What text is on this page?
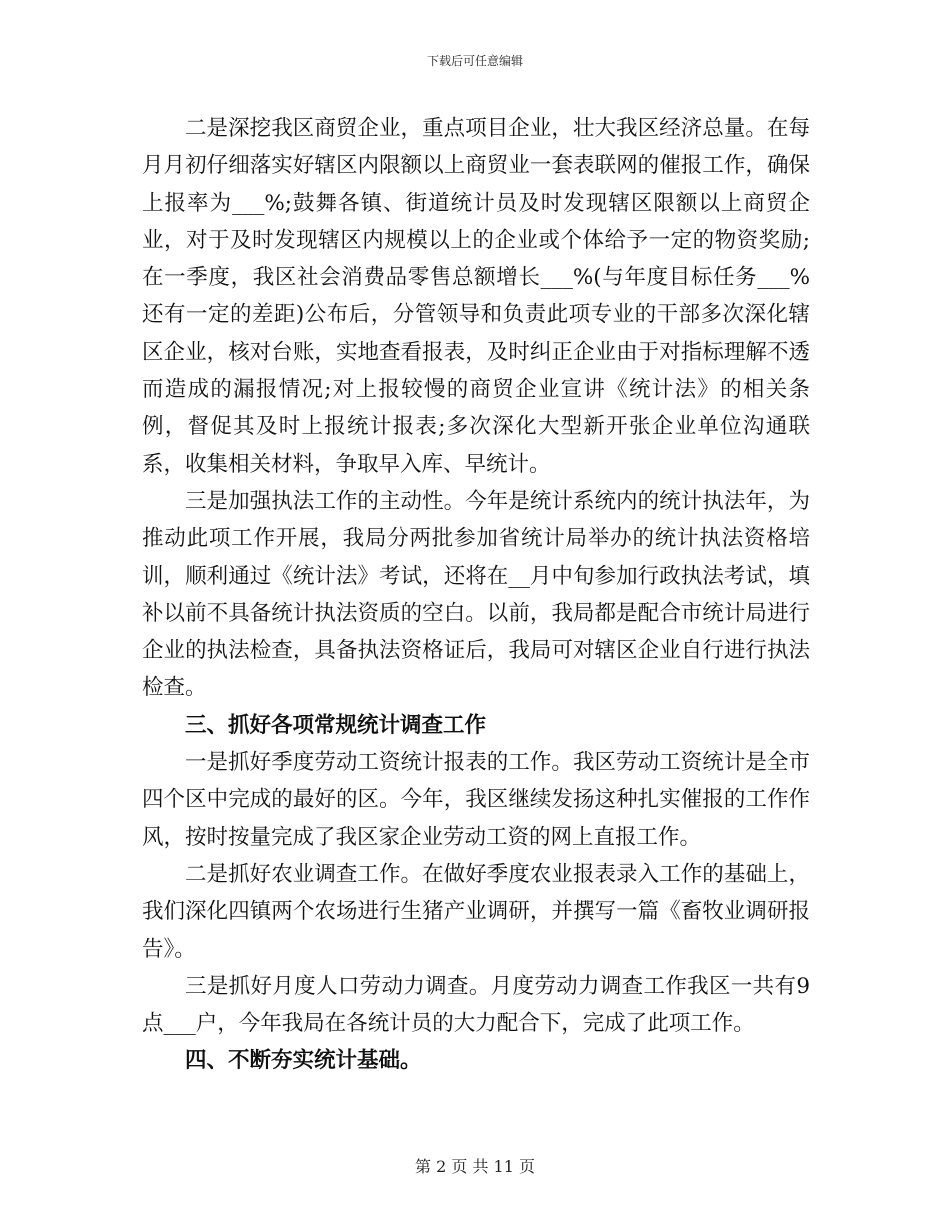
下载后可任意编辑

二是深挖我区商贸企业，重点项目企业，壮大我区经济总量。在每月月初仔细落实好辖区内限额以上商贸业一套表联网的催报工作，确保上报率为___%;鼓舞各镇、街道统计员及时发现辖区限额以上商贸企业，对于及时发现辖区内规模以上的企业或个体给予一定的物资奖励;在一季度，我区社会消费品零售总额增长___%(与年度目标任务___%还有一定的差距)公布后，分管领导和负责此项专业的干部多次深化辖区企业，核对台账，实地查看报表，及时纠正企业由于对指标理解不透而造成的漏报情况;对上报较慢的商贸企业宣讲《统计法》的相关条例，督促其及时上报统计报表;多次深化大型新开张企业单位沟通联系，收集相关材料，争取早入库、早统计。

三是加强执法工作的主动性。今年是统计系统内的统计执法年，为推动此项工作开展，我局分两批参加省统计局举办的统计执法资格培训，顺利通过《统计法》考试，还将在__月中旬参加行政执法考试，填补以前不具备统计执法资质的空白。以前，我局都是配合市统计局进行企业的执法检查，具备执法资格证后，我局可对辖区企业自行进行执法检查。

三、抓好各项常规统计调查工作

一是抓好季度劳动工资统计报表的工作。我区劳动工资统计是全市四个区中完成的最好的区。今年，我区继续发扬这种扎实催报的工作作风，按时按量完成了我区家企业劳动工资的网上直报工作。

二是抓好农业调查工作。在做好季度农业报表录入工作的基础上，我们深化四镇两个农场进行生猪产业调研，并撰写一篇《畜牧业调研报告》。

三是抓好月度人口劳动力调查。月度劳动力调查工作我区一共有9点___户，今年我局在各统计员的大力配合下，完成了此项工作。

四、不断夯实统计基础。

第 2 页 共 11 页
